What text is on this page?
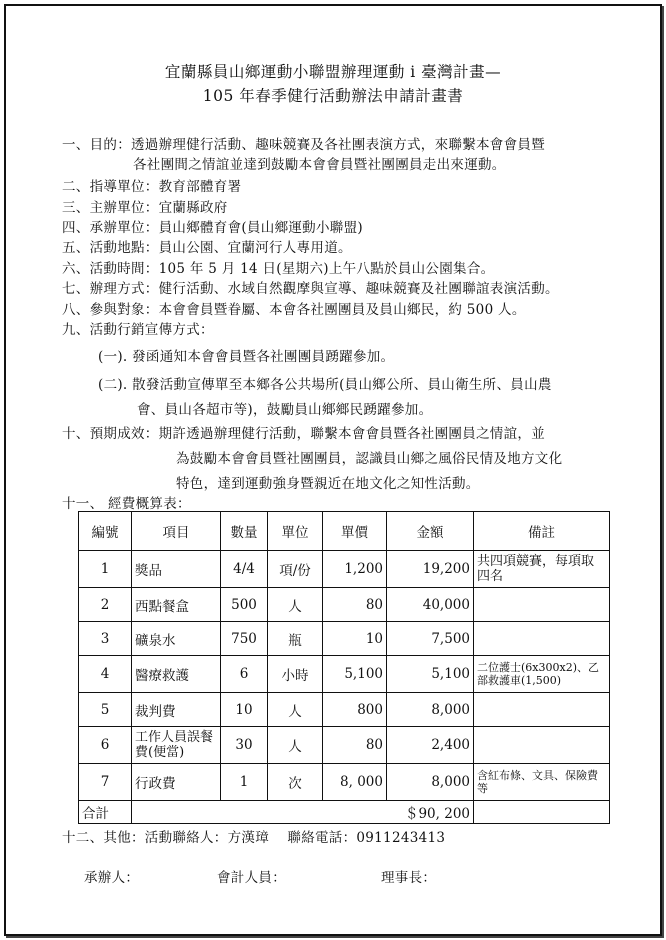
宜蘭縣員山鄉運動小聯盟辦理運動 i 臺灣計畫—
105 年春季健行活動辦法申請計畫書
一、目的：透過辦理健行活動、趣味競賽及各社團表演方式，來聯繫本會會員暨
各社團間之情誼並達到鼓勵本會會員暨社團團員走出來運動。
二、指導單位：教育部體育署
三、主辦單位：宜蘭縣政府
四、承辦單位：員山鄉體育會(員山鄉運動小聯盟)
五、活動地點：員山公園、宜蘭河行人專用道。
六、活動時間：105 年 5 月 14 日(星期六)上午八點於員山公園集合。
七、辦理方式：健行活動、水域自然觀摩與宣導、趣味競賽及社團聯誼表演活動。
八、參與對象：本會會員暨眷屬、本會各社團團員及員山鄉民，約 500 人。
九、活動行銷宣傳方式：
(一). 發函通知本會會員暨各社團團員踴躍參加。
(二). 散發活動宣傳單至本鄉各公共場所(員山鄉公所、員山衛生所、員山農
會、員山各超市等)，鼓勵員山鄉鄉民踴躍參加。
十、預期成效：期許透過辦理健行活動，聯繫本會會員暨各社團團員之情誼，並
為鼓勵本會會員暨社團團員，認識員山鄉之風俗民情及地方文化
特色，達到運動強身暨親近在地文化之知性活動。
十一、 經費概算表：
編號	項目	數量	單位	單價	金額	備註
1	獎品	4/4	項/份	1,200	19,200	共四項競賽，每項取四名
2	西點餐盒	500	人	80	40,000	
3	礦泉水	750	瓶	10	7,500	
4	醫療救護	6	小時	5,100	5,100	二位護士(6x300x2)、乙部救護車(1,500)
5	裁判費	10	人	800	8,000	
6	工作人員誤餐費(便當)	30	人	80	2,400	
7	行政費	1	次	8, 000	8,000	含紅布條、文具、保險費等
合計	＄90, 200					
十二、其他：活動聯絡人：方漢璋　 聯絡電話：0911243413
承辦人：	會計人員：	理事長：
